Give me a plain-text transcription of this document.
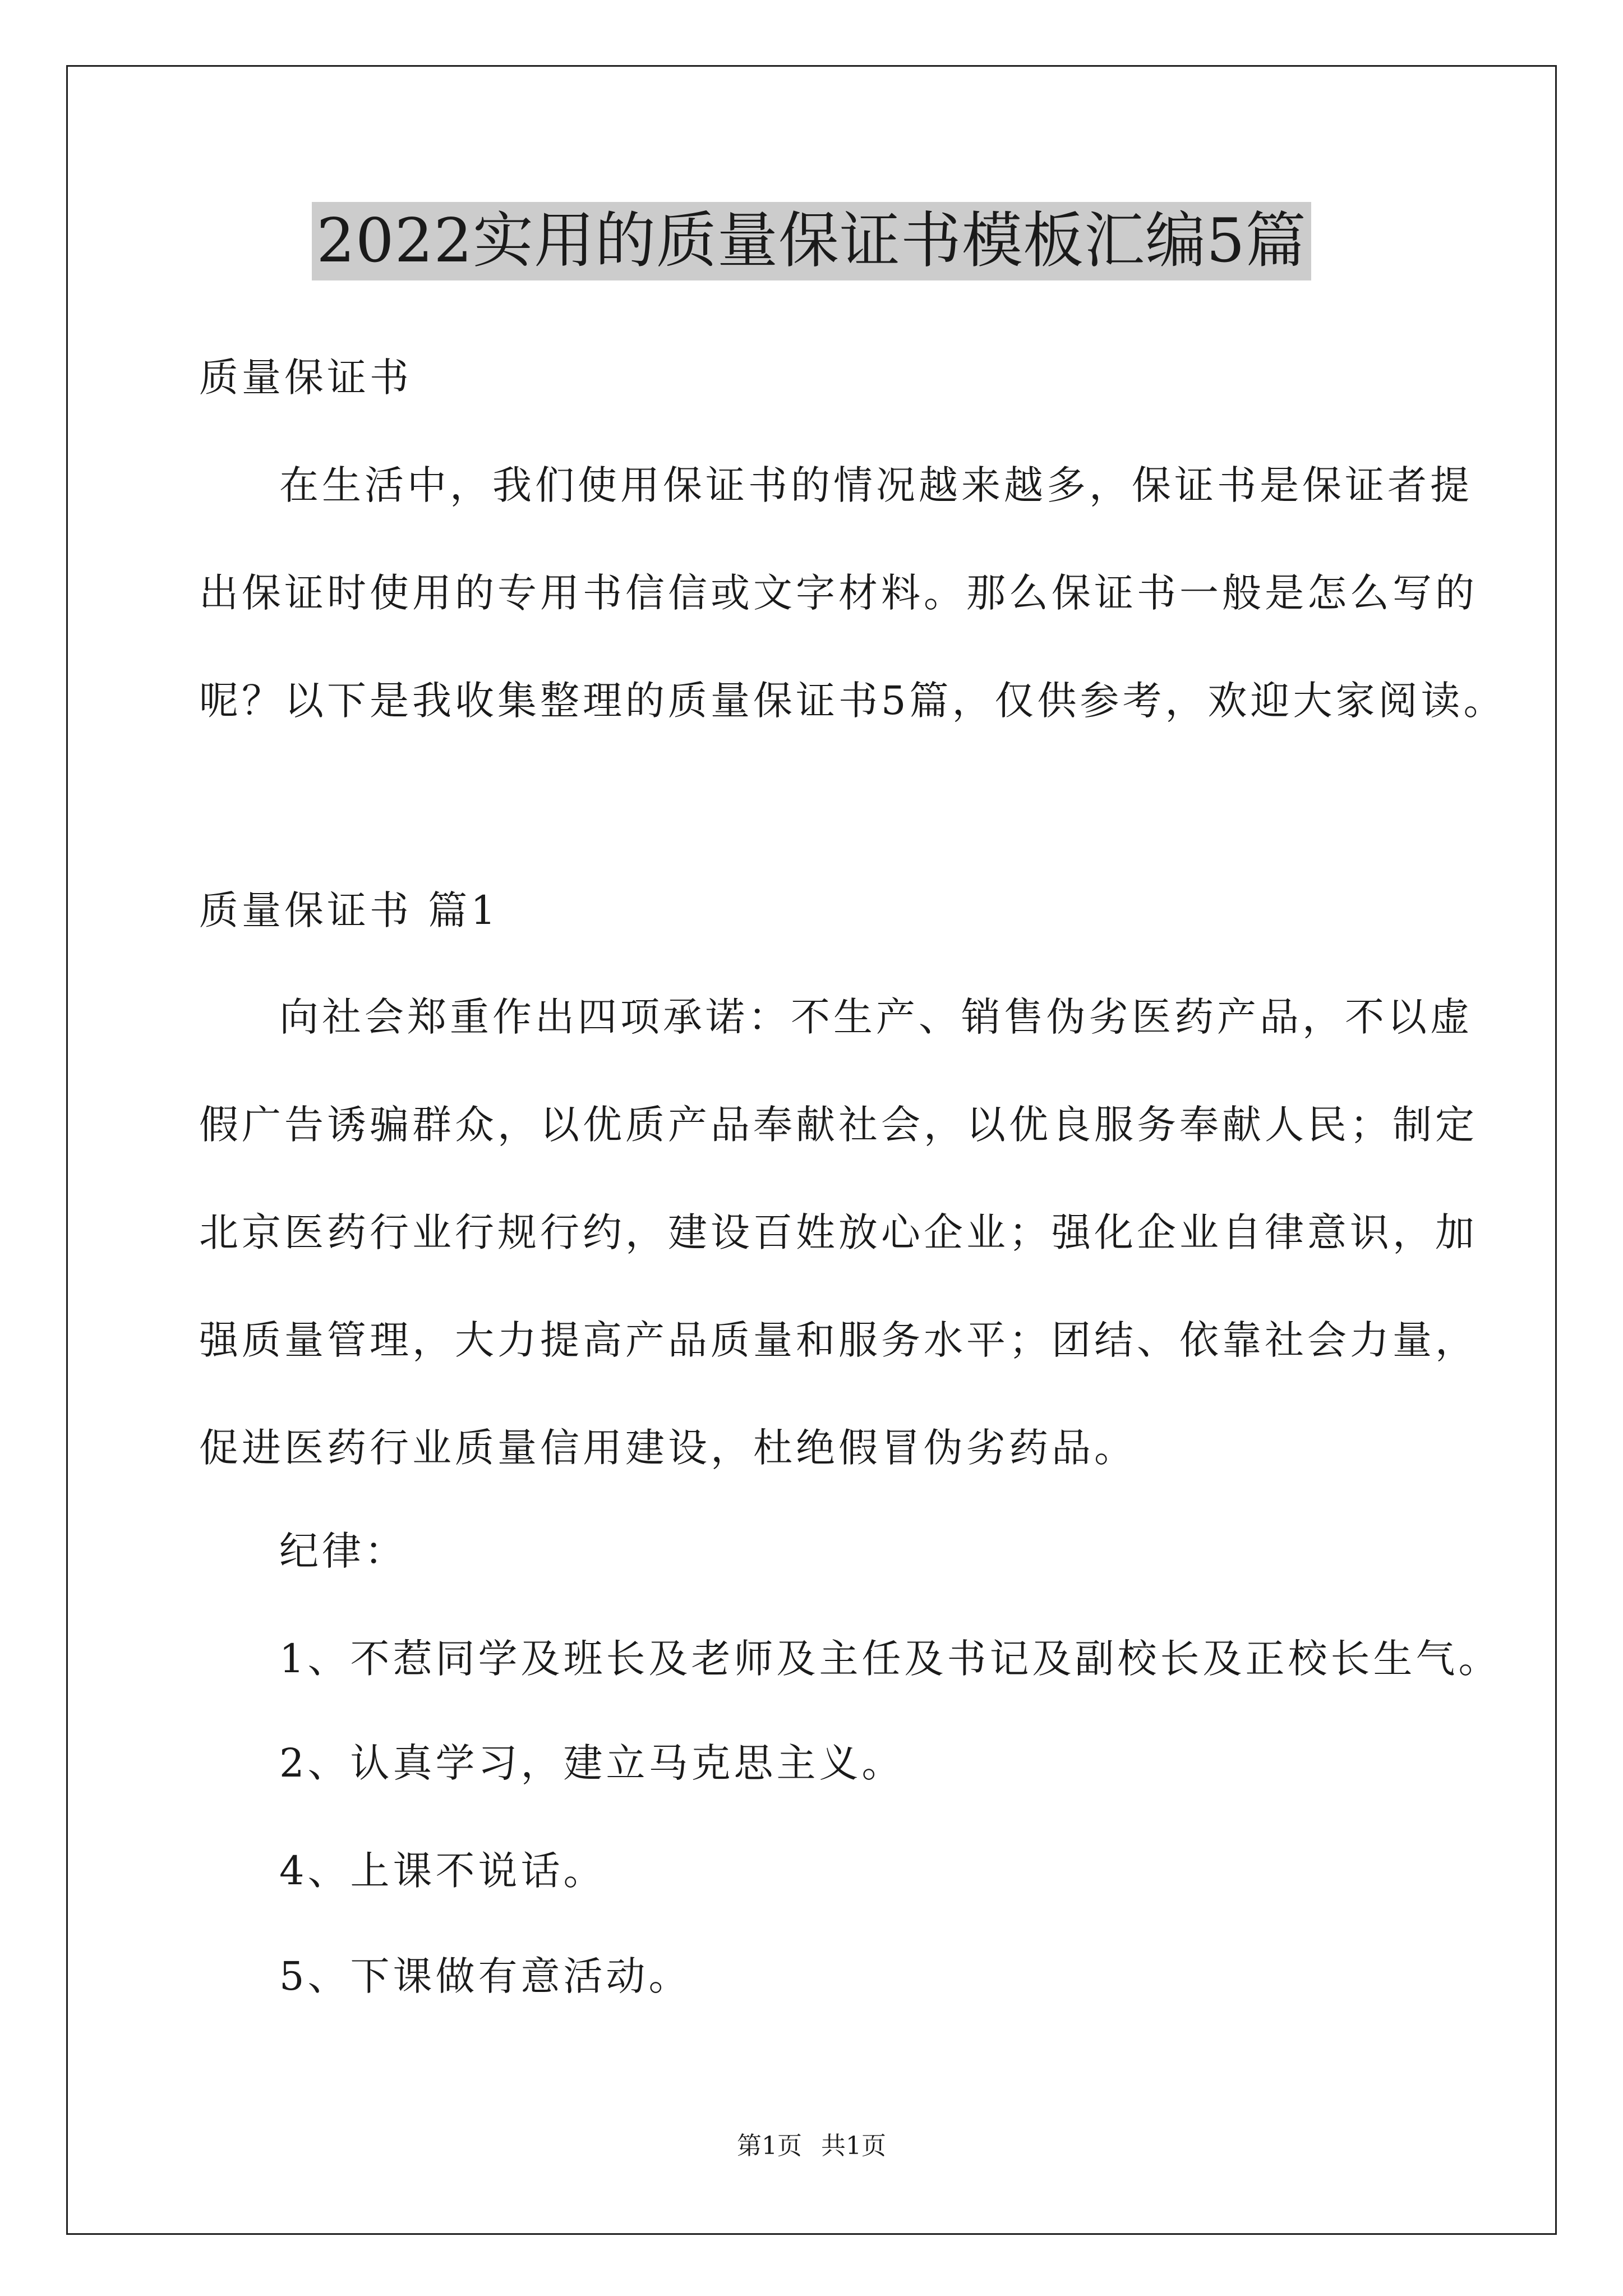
2022实用的质量保证书模板汇编5篇
质量保证书
在生活中，我们使用保证书的情况越来越多，保证书是保证者提
出保证时使用的专用书信信或文字材料。那么保证书一般是怎么写的
呢？以下是我收集整理的质量保证书5篇，仅供参考，欢迎大家阅读。
质量保证书 篇1
向社会郑重作出四项承诺：不生产、销售伪劣医药产品，不以虚
假广告诱骗群众，以优质产品奉献社会，以优良服务奉献人民；制定
北京医药行业行规行约，建设百姓放心企业；强化企业自律意识，加
强质量管理，大力提高产品质量和服务水平；团结、依靠社会力量，
促进医药行业质量信用建设，杜绝假冒伪劣药品。
纪律：
1、不惹同学及班长及老师及主任及书记及副校长及正校长生气。
2、认真学习，建立马克思主义。
4、上课不说话。
5、下课做有意活动。
第1页 共1页
